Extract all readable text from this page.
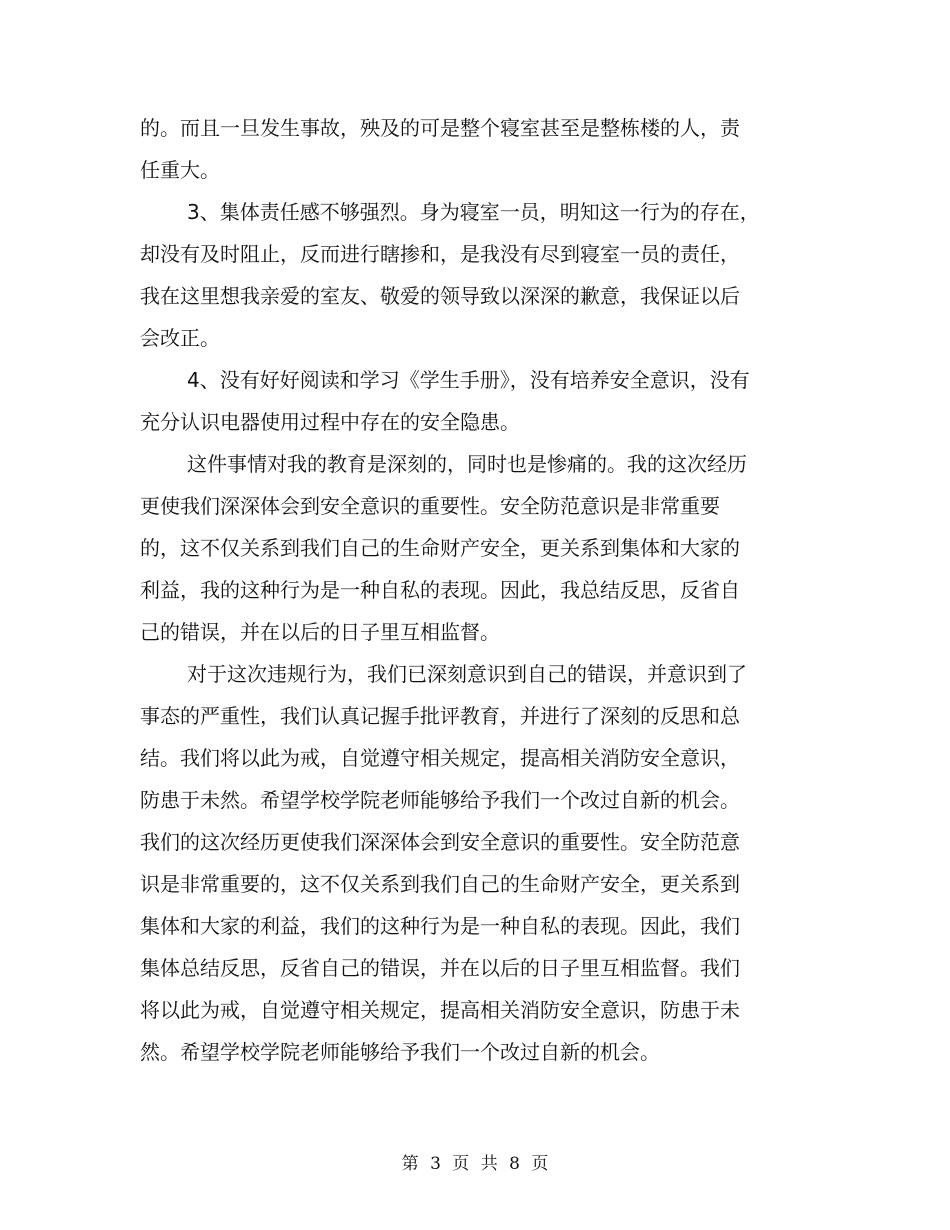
的。而且一旦发生事故，殃及的可是整个寝室甚至是整栋楼的人，责
任重大。
3、集体责任感不够强烈。身为寝室一员，明知这一行为的存在，
却没有及时阻止，反而进行瞎掺和，是我没有尽到寝室一员的责任，
我在这里想我亲爱的室友、敬爱的领导致以深深的歉意，我保证以后
会改正。
4、没有好好阅读和学习《学生手册》，没有培养安全意识，没有
充分认识电器使用过程中存在的安全隐患。
这件事情对我的教育是深刻的，同时也是惨痛的。我的这次经历
更使我们深深体会到安全意识的重要性。安全防范意识是非常重要
的，这不仅关系到我们自己的生命财产安全，更关系到集体和大家的
利益，我的这种行为是一种自私的表现。因此，我总结反思，反省自
己的错误，并在以后的日子里互相监督。
对于这次违规行为，我们已深刻意识到自己的错误，并意识到了
事态的严重性，我们认真记握手批评教育，并进行了深刻的反思和总
结。我们将以此为戒，自觉遵守相关规定，提高相关消防安全意识，
防患于未然。希望学校学院老师能够给予我们一个改过自新的机会。
我们的这次经历更使我们深深体会到安全意识的重要性。安全防范意
识是非常重要的，这不仅关系到我们自己的生命财产安全，更关系到
集体和大家的利益，我们的这种行为是一种自私的表现。因此，我们
集体总结反思，反省自己的错误，并在以后的日子里互相监督。我们
将以此为戒，自觉遵守相关规定，提高相关消防安全意识，防患于未
然。希望学校学院老师能够给予我们一个改过自新的机会。
第 3 页 共 8 页
